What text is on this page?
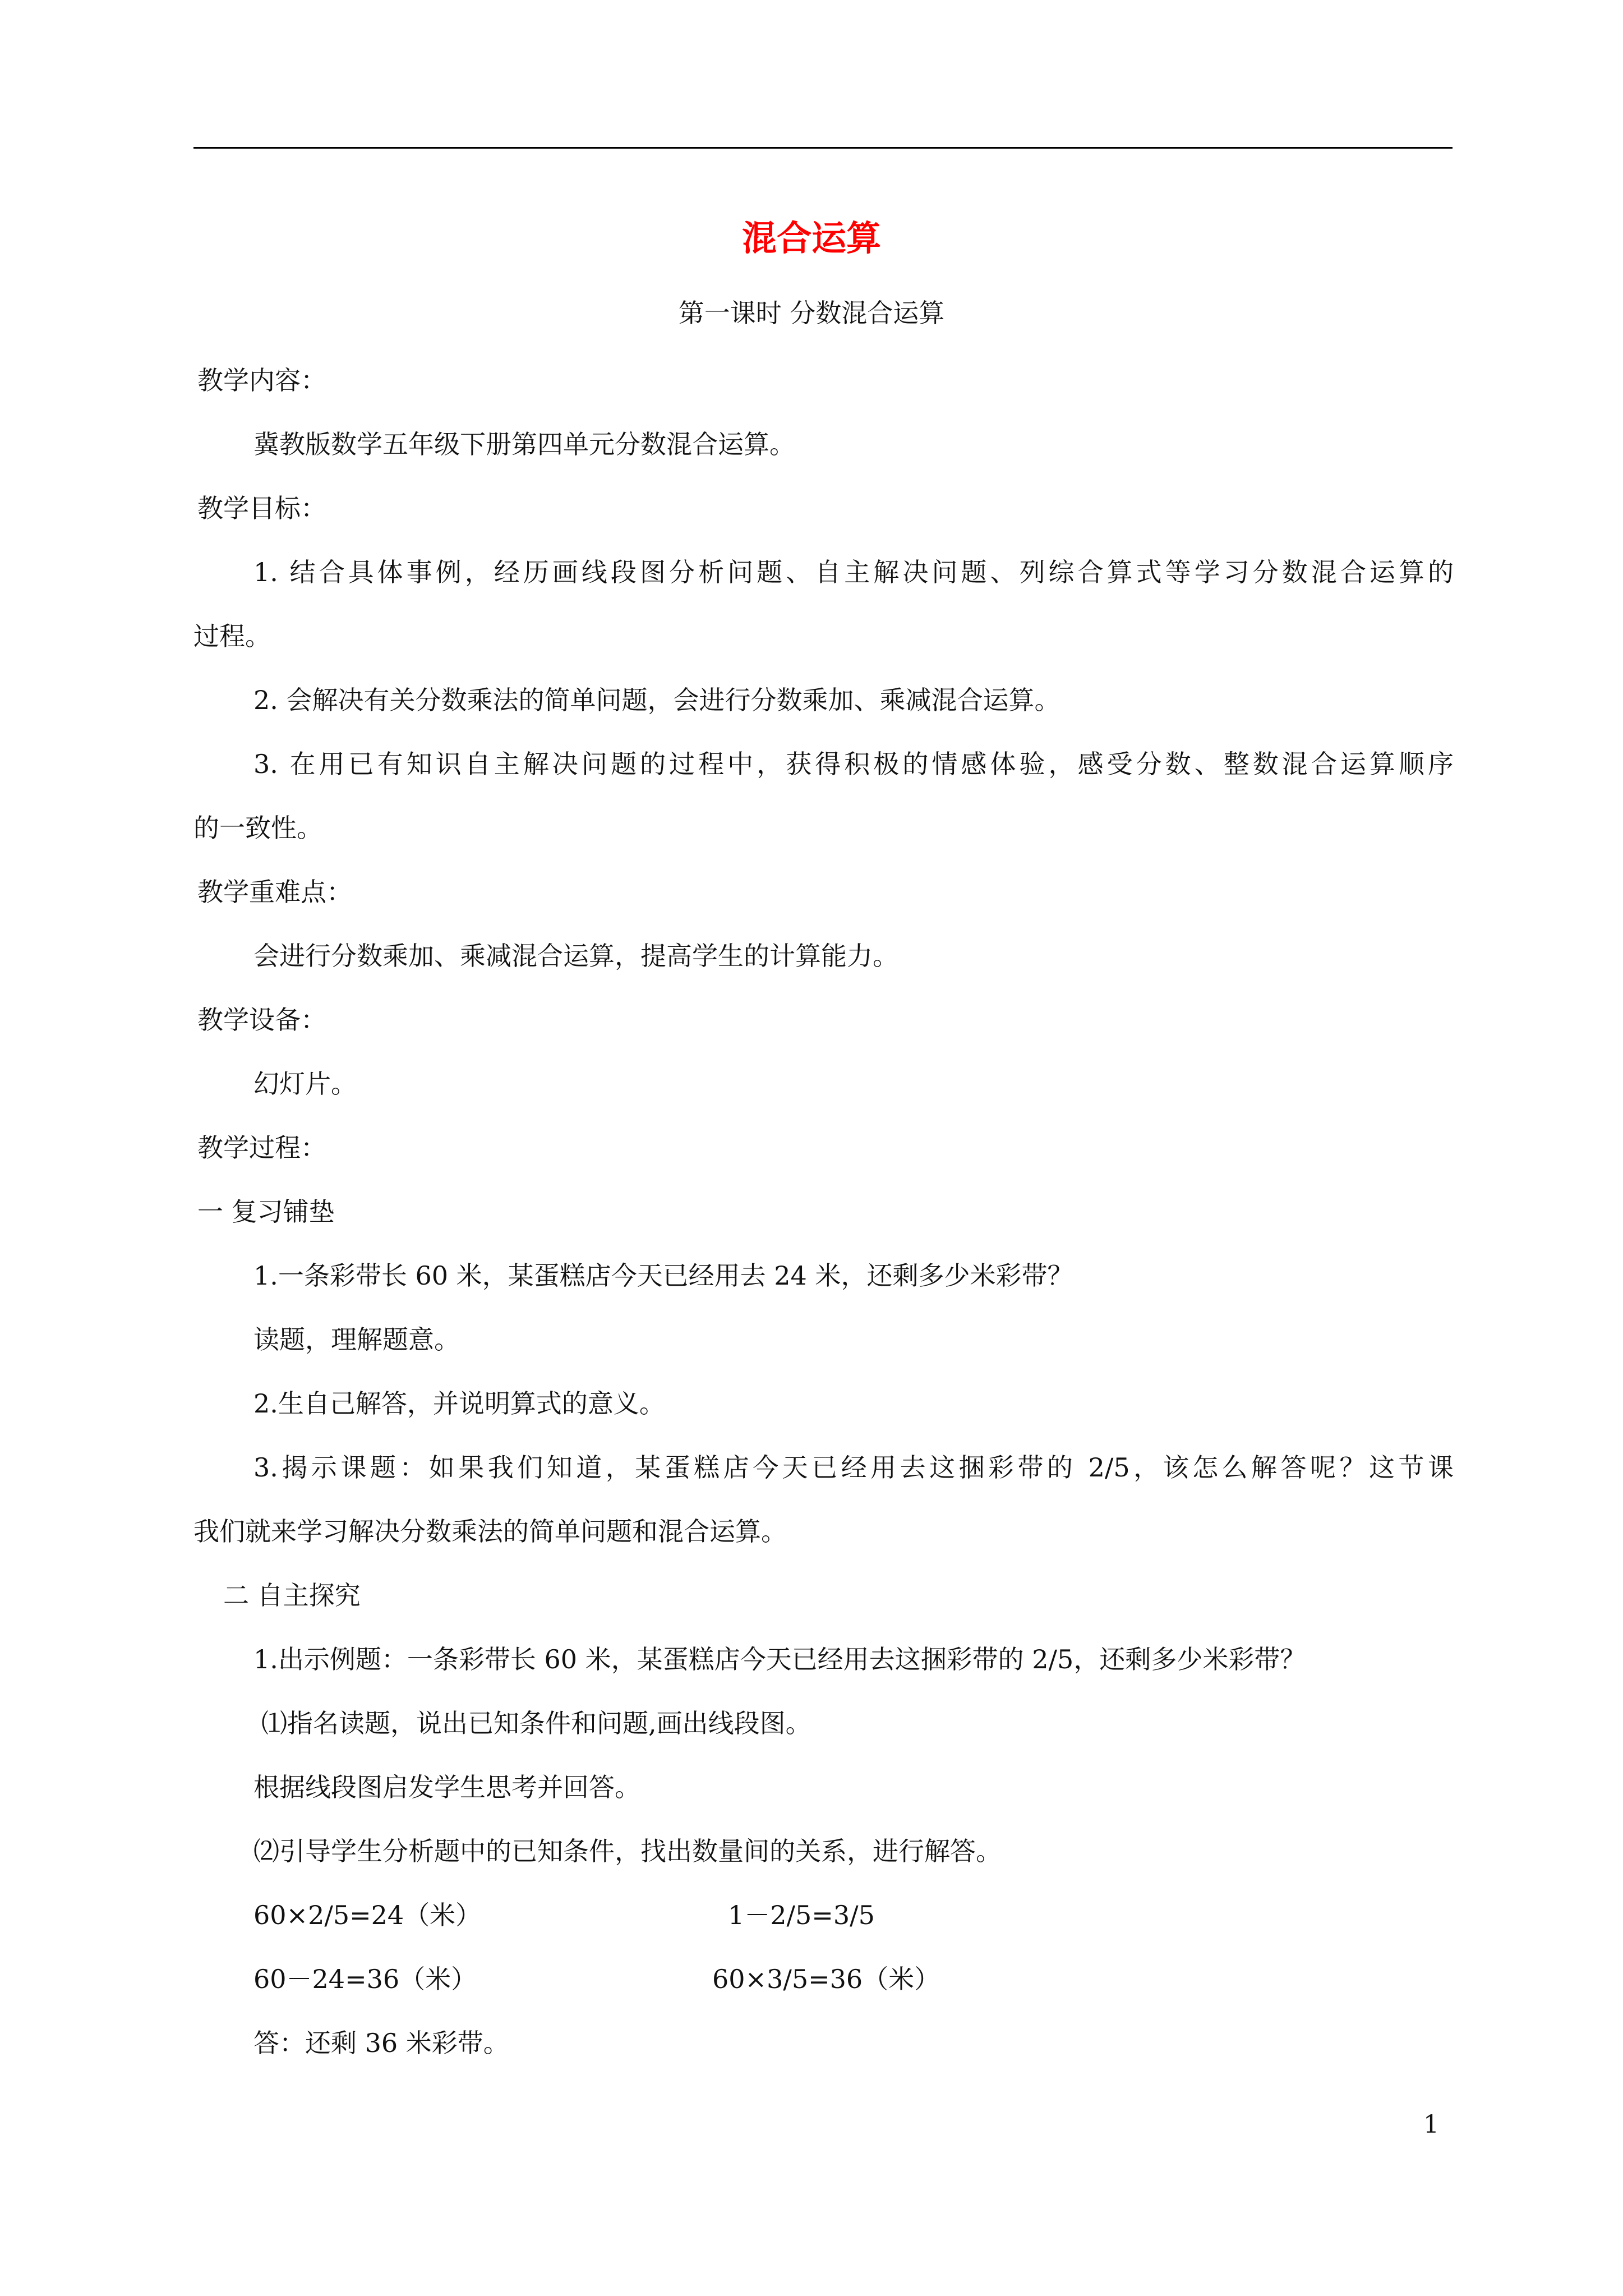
混合运算
第一课时 分数混合运算
教学内容：
冀教版数学五年级下册第四单元分数混合运算。
教学目标：
1. 结合具体事例，经历画线段图分析问题、自主解决问题、列综合算式等学习分数混合运算的
过程。
2. 会解决有关分数乘法的简单问题，会进行分数乘加、乘减混合运算。
3. 在用已有知识自主解决问题的过程中，获得积极的情感体验，感受分数、整数混合运算顺序
的一致性。
教学重难点：
会进行分数乘加、乘减混合运算，提高学生的计算能力。
教学设备：
幻灯片。
教学过程：
一 复习铺垫
1.一条彩带长 60 米，某蛋糕店今天已经用去 24 米，还剩多少米彩带？
读题，理解题意。
2.生自己解答，并说明算式的意义。
3.揭示课题：如果我们知道，某蛋糕店今天已经用去这捆彩带的 2/5，该怎么解答呢？这节课
我们就来学习解决分数乘法的简单问题和混合运算。
二 自主探究
1.出示例题：一条彩带长 60 米，某蛋糕店今天已经用去这捆彩带的 2/5，还剩多少米彩带？
⑴指名读题，说出已知条件和问题,画出线段图。
根据线段图启发学生思考并回答。
⑵引导学生分析题中的已知条件，找出数量间的关系，进行解答。
60×2/5=24（米）	1－2/5=3/5
60－24=36（米）	60×3/5=36（米）
答：还剩 36 米彩带。
1
